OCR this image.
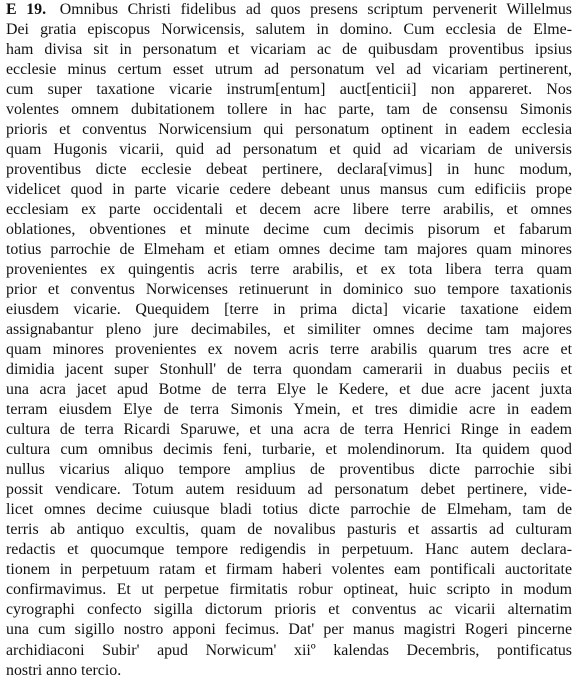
E 19. Omnibus Christi fidelibus ad quos presens scriptum pervenerit Willelmus
Dei gratia episcopus Norwicensis, salutem in domino. Cum ecclesia de Elme-
ham divisa sit in personatum et vicariam ac de quibusdam proventibus ipsius
ecclesie minus certum esset utrum ad personatum vel ad vicariam pertinerent,
cum super taxatione vicarie instrum[entum] auct[enticii] non appareret. Nos
volentes omnem dubitationem tollere in hac parte, tam de consensu Simonis
prioris et conventus Norwicensium qui personatum optinent in eadem ecclesia
quam Hugonis vicarii, quid ad personatum et quid ad vicariam de universis
proventibus dicte ecclesie debeat pertinere, declara[vimus] in hunc modum,
videlicet quod in parte vicarie cedere debeant unus mansus cum edificiis prope
ecclesiam ex parte occidentali et decem acre libere terre arabilis, et omnes
oblationes, obventiones et minute decime cum decimis pisorum et fabarum
totius parrochie de Elmeham et etiam omnes decime tam majores quam minores
provenientes ex quingentis acris terre arabilis, et ex tota libera terra quam
prior et conventus Norwicenses retinuerunt in dominico suo tempore taxationis
eiusdem vicarie. Quequidem [terre in prima dicta] vicarie taxatione eidem
assignabantur pleno jure decimabiles, et similiter omnes decime tam majores
quam minores provenientes ex novem acris terre arabilis quarum tres acre et
dimidia jacent super Stonhull' de terra quondam camerarii in duabus peciis et
una acra jacet apud Botme de terra Elye le Kedere, et due acre jacent juxta
terram eiusdem Elye de terra Simonis Ymein, et tres dimidie acre in eadem
cultura de terra Ricardi Sparuwe, et una acra de terra Henrici Ringe in eadem
cultura cum omnibus decimis feni, turbarie, et molendinorum. Ita quidem quod
nullus vicarius aliquo tempore amplius de proventibus dicte parrochie sibi
possit vendicare. Totum autem residuum ad personatum debet pertinere, vide-
licet omnes decime cuiusque bladi totius dicte parrochie de Elmeham, tam de
terris ab antiquo excultis, quam de novalibus pasturis et assartis ad culturam
redactis et quocumque tempore redigendis in perpetuum. Hanc autem declara-
tionem in perpetuum ratam et firmam haberi volentes eam pontificali auctoritate
confirmavimus. Et ut perpetue firmitatis robur optineat, huic scripto in modum
cyrographi confecto sigilla dictorum prioris et conventus ac vicarii alternatim
una cum sigillo nostro apponi fecimus. Dat' per manus magistri Rogeri pincerne
archidiaconi Subir' apud Norwicum' xiiº kalendas Decembris, pontificatus
nostri anno tercio.
